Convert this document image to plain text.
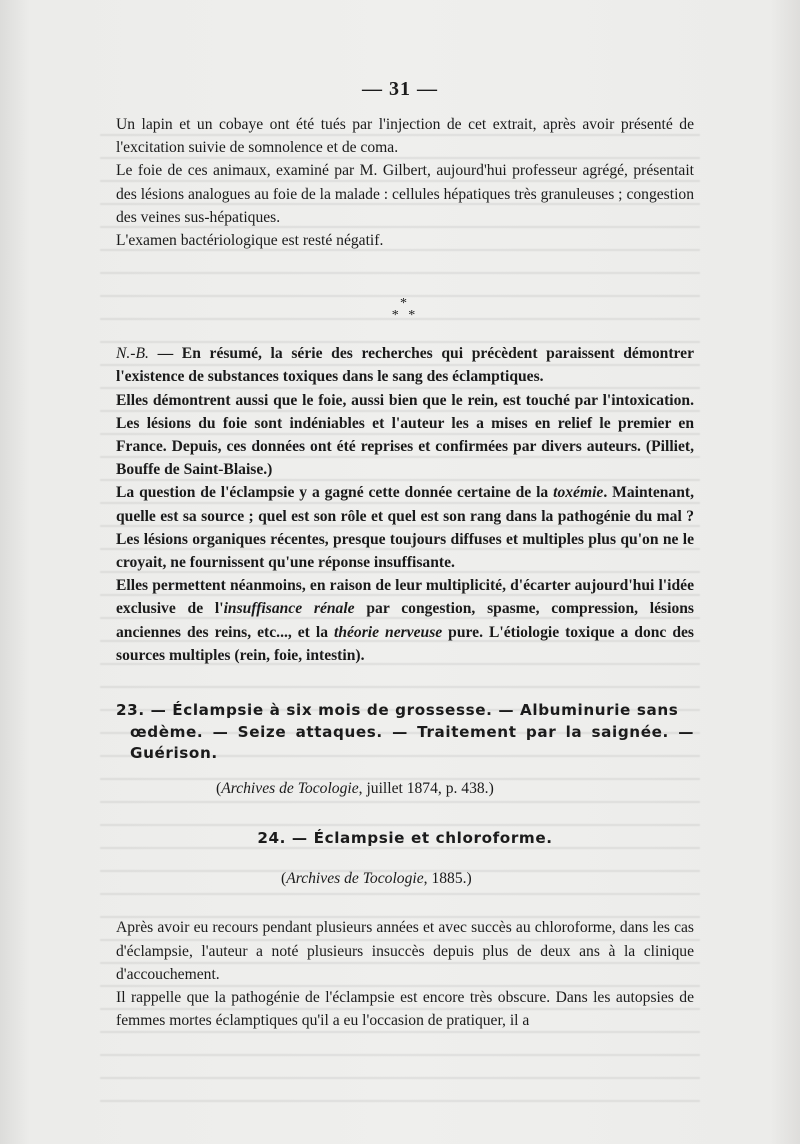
— 31 —

Un lapin et un cobaye ont été tués par l'injection de cet extrait, après avoir présenté de l'excitation suivie de somnolence et de coma.

Le foie de ces animaux, examiné par M. Gilbert, aujourd'hui professeur agrégé, présentait des lésions analogues au foie de la malade : cellules hépatiques très granuleuses ; congestion des veines sus-hépatiques.

L'examen bactériologique est resté négatif.

*
* *

N.-B. — En résumé, la série des recherches qui précèdent paraissent démontrer l'existence de substances toxiques dans le sang des éclamptiques.

Elles démontrent aussi que le foie, aussi bien que le rein, est touché par l'intoxication. Les lésions du foie sont indéniables et l'auteur les a mises en relief le premier en France. Depuis, ces données ont été reprises et confirmées par divers auteurs. (Pilliet, Bouffe de Saint-Blaise.)

La question de l'éclampsie y a gagné cette donnée certaine de la toxémie. Maintenant, quelle est sa source ; quel est son rôle et quel est son rang dans la pathogénie du mal ? Les lésions organiques récentes, presque toujours diffuses et multiples plus qu'on ne le croyait, ne fournissent qu'une réponse insuffisante.

Elles permettent néanmoins, en raison de leur multiplicité, d'écarter aujourd'hui l'idée exclusive de l'insuffisance rénale par congestion, spasme, compression, lésions anciennes des reins, etc..., et la théorie nerveuse pure. L'étiologie toxique a donc des sources multiples (rein, foie, intestin).

23. — Éclampsie à six mois de grossesse. — Albuminurie sans
œdème. — Seize attaques. — Traitement par la saignée. — Guérison.

(Archives de Tocologie, juillet 1874, p. 438.)

24. — Éclampsie et chloroforme.

(Archives de Tocologie, 1885.)

Après avoir eu recours pendant plusieurs années et avec succès au chloroforme, dans les cas d'éclampsie, l'auteur a noté plusieurs insuccès depuis plus de deux ans à la clinique d'accouchement.

Il rappelle que la pathogénie de l'éclampsie est encore très obscure. Dans les autopsies de femmes mortes éclamptiques qu'il a eu l'occasion de pratiquer, il a
